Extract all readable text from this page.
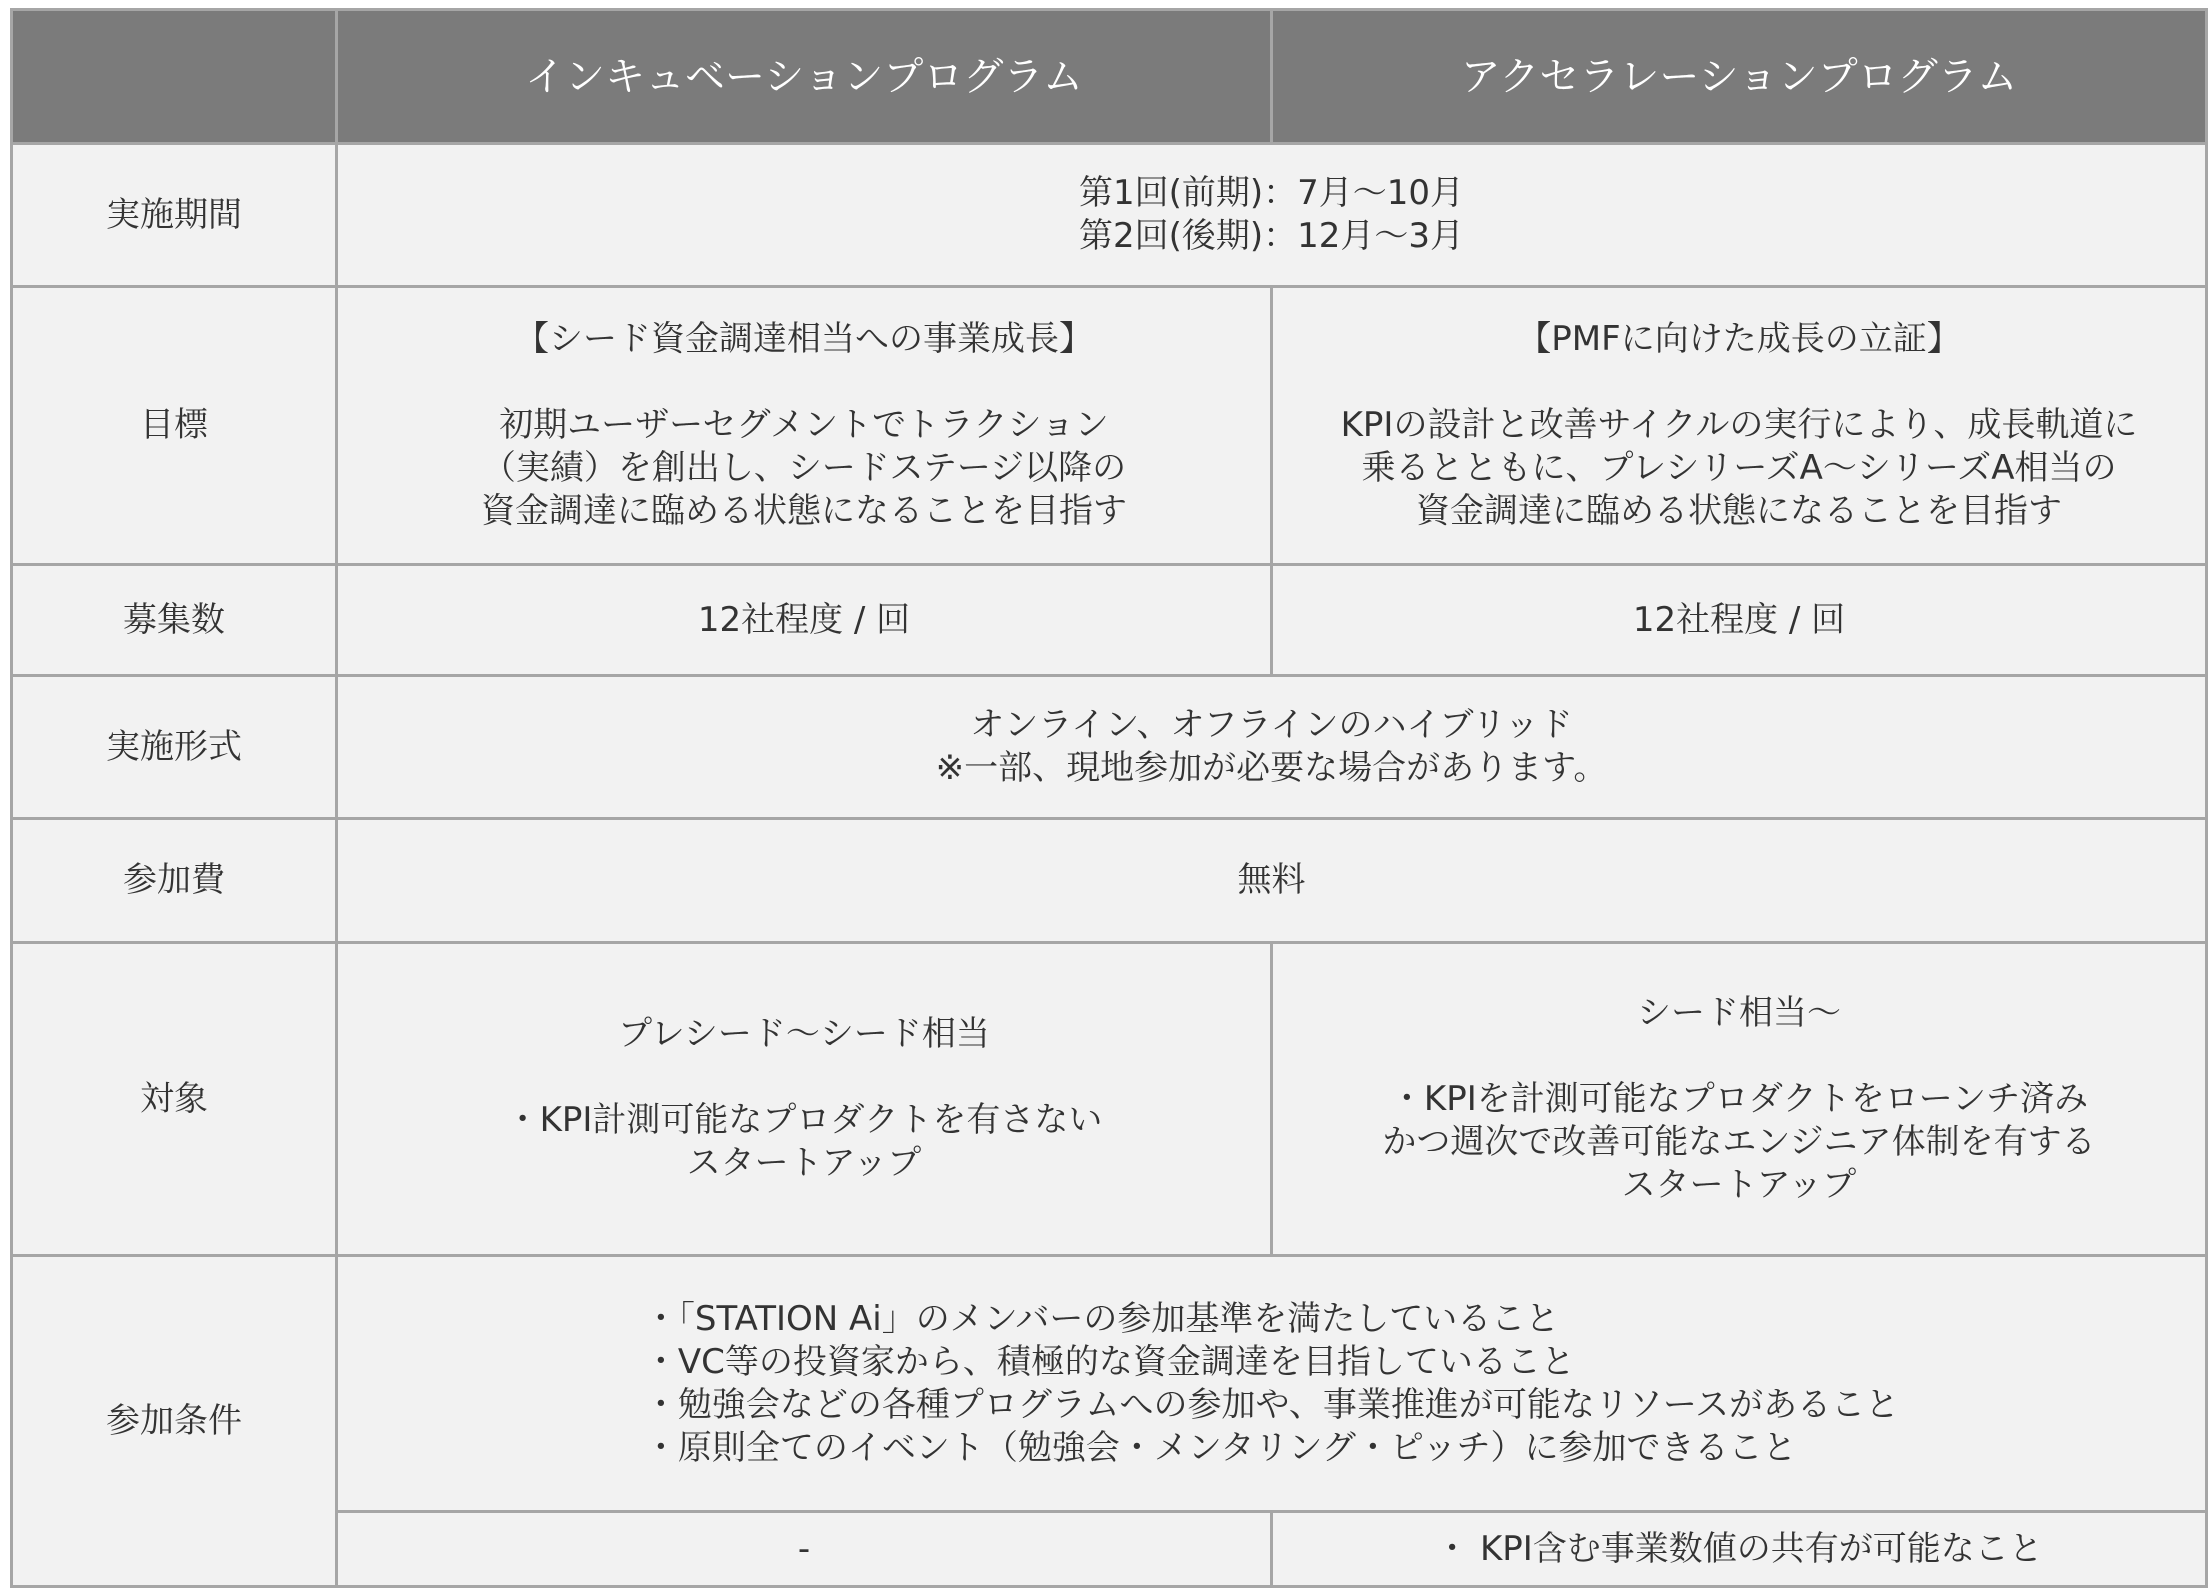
	インキュベーションプログラム	アクセラレーションプログラム
実施期間	第1回(前期)：7月〜10月
第2回(後期)：12月〜3月	
目標	【シード資金調達相当への事業成長】

初期ユーザーセグメントでトラクション
（実績）を創出し、シードステージ以降の
資金調達に臨める状態になることを目指す	【PMFに向けた成長の立証】

KPIの設計と改善サイクルの実行により、成長軌道に
乗るとともに、プレシリーズA〜シリーズA相当の
資金調達に臨める状態になることを目指す
募集数	12社程度 / 回	12社程度 / 回
実施形式	オンライン、オフラインのハイブリッド
※一部、現地参加が必要な場合があります。	
参加費	無料	
対象	プレシード〜シード相当

・KPI計測可能なプロダクトを有さない
スタートアップ	シード相当〜

・KPIを計測可能なプロダクトをローンチ済み
かつ週次で改善可能なエンジニア体制を有する
スタートアップ
参加条件	・「STATION Ai」のメンバーの参加基準を満たしていること
・VC等の投資家から、積極的な資金調達を目指していること
・勉強会などの各種プログラムへの参加や、事業推進が可能なリソースがあること
・原則全てのイベント（勉強会・メンタリング・ピッチ）に参加できること	

	-	・ KPI含む事業数値の共有が可能なこと
